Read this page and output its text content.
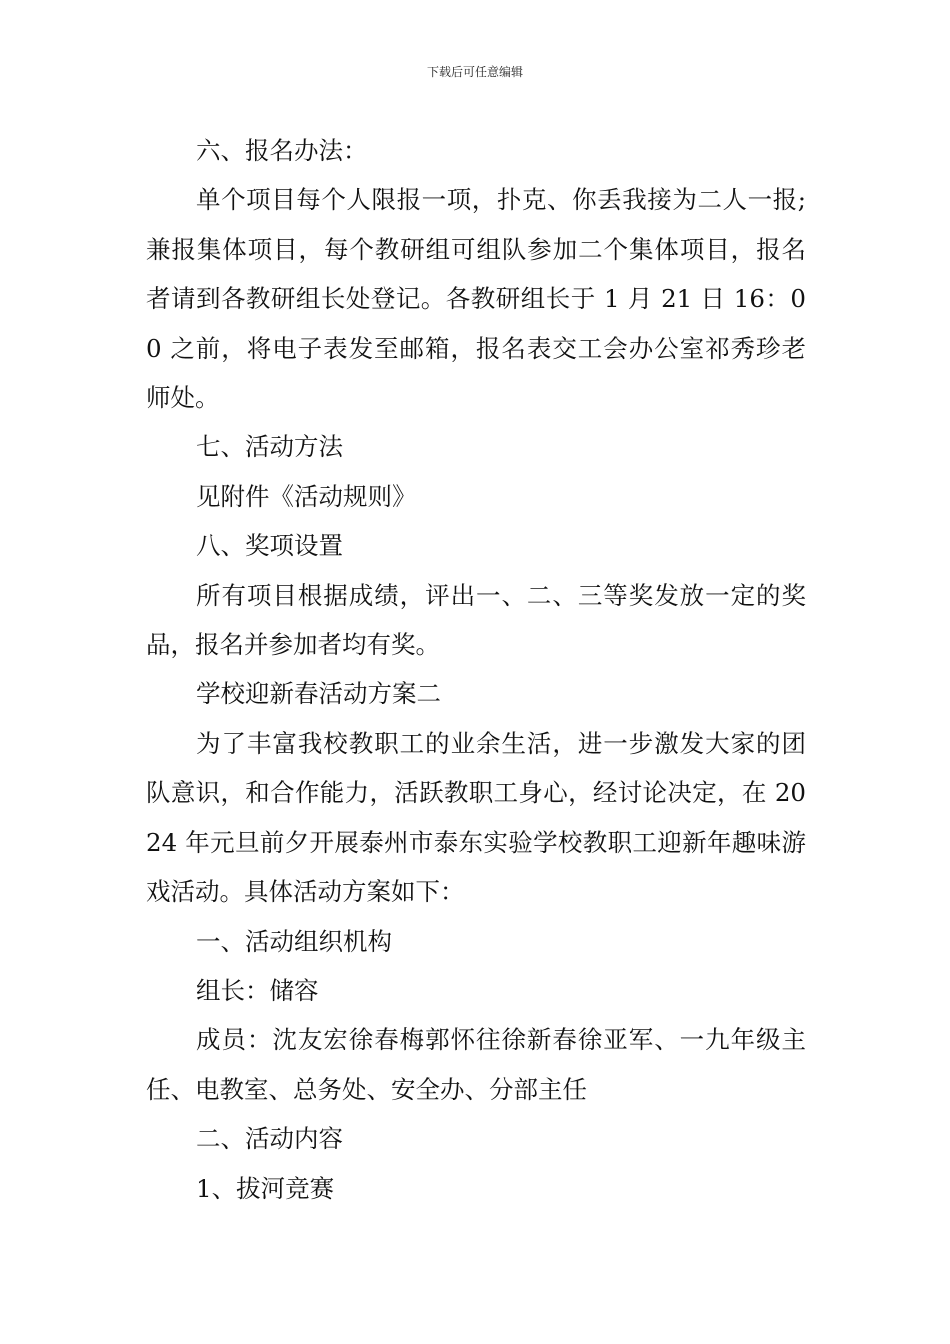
下载后可任意编辑

六、报名办法：

单个项目每个人限报一项，扑克、你丢我接为二人一报;兼报集体项目，每个教研组可组队参加二个集体项目，报名者请到各教研组长处登记。各教研组长于 1 月 21 日 16：00 之前，将电子表发至邮箱，报名表交工会办公室祁秀珍老师处。

七、活动方法

见附件《活动规则》

八、奖项设置

所有项目根据成绩，评出一、二、三等奖发放一定的奖品，报名并参加者均有奖。

学校迎新春活动方案二

为了丰富我校教职工的业余生活，进一步激发大家的团队意识，和合作能力，活跃教职工身心，经讨论决定，在 2024 年元旦前夕开展泰州市泰东实验学校教职工迎新年趣味游戏活动。具体活动方案如下：

一、活动组织机构

组长：储容

成员：沈友宏徐春梅郭怀往徐新春徐亚军、一九年级主任、电教室、总务处、安全办、分部主任

二、活动内容

1、拔河竞赛
